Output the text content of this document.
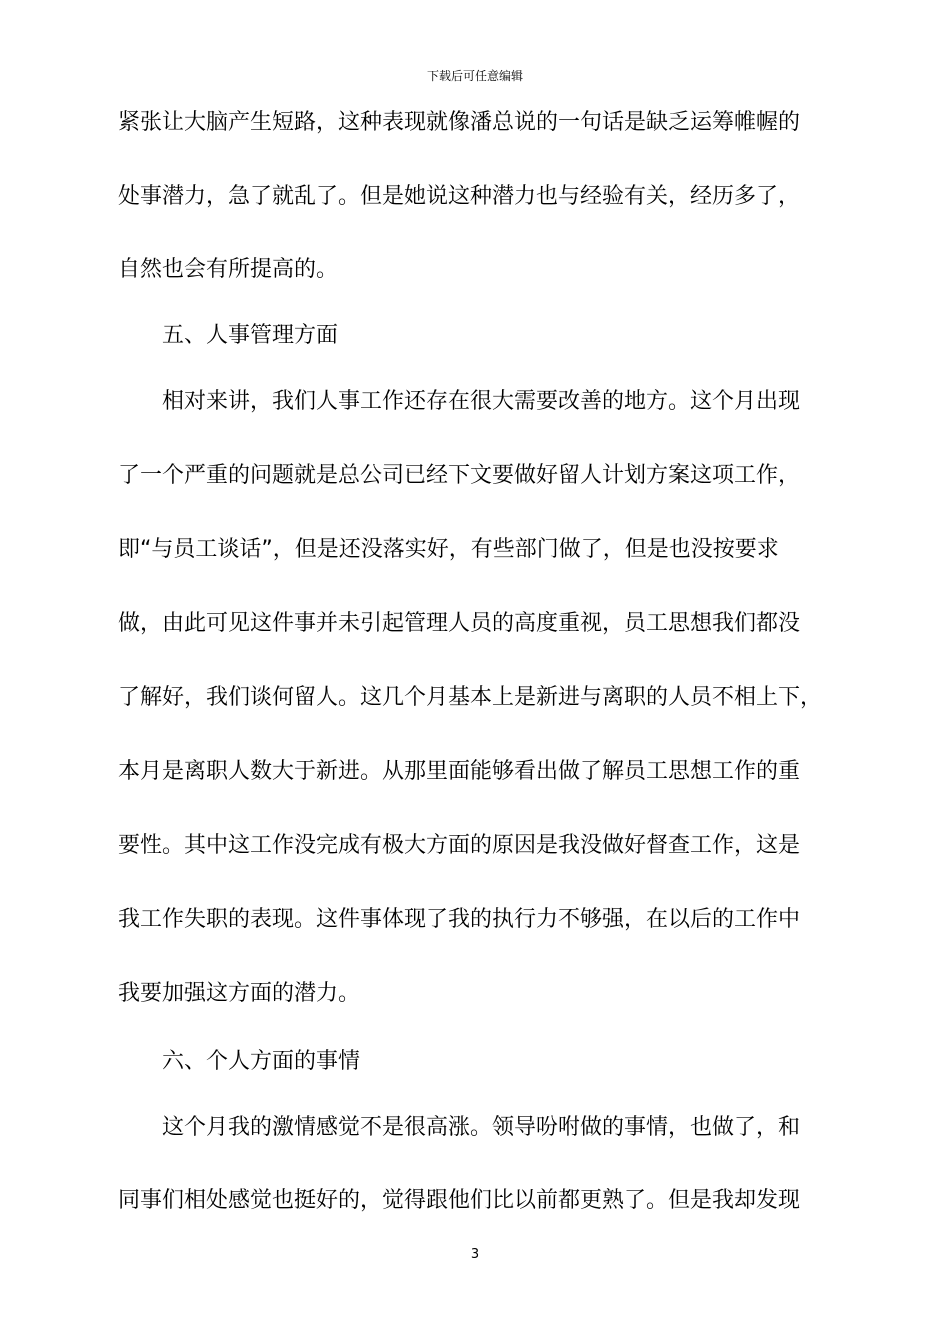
下载后可任意编辑
紧张让大脑产生短路，这种表现就像潘总说的一句话是缺乏运筹帷幄的
处事潜力，急了就乱了。但是她说这种潜力也与经验有关，经历多了，
自然也会有所提高的。
五、人事管理方面
相对来讲，我们人事工作还存在很大需要改善的地方。这个月出现
了一个严重的问题就是总公司已经下文要做好留人计划方案这项工作，
即“与员工谈话”，但是还没落实好，有些部门做了，但是也没按要求
做，由此可见这件事并未引起管理人员的高度重视，员工思想我们都没
了解好，我们谈何留人。这几个月基本上是新进与离职的人员不相上下，
本月是离职人数大于新进。从那里面能够看出做了解员工思想工作的重
要性。其中这工作没完成有极大方面的原因是我没做好督查工作，这是
我工作失职的表现。这件事体现了我的执行力不够强，在以后的工作中
我要加强这方面的潜力。
六、个人方面的事情
这个月我的激情感觉不是很高涨。领导吩咐做的事情，也做了，和
同事们相处感觉也挺好的，觉得跟他们比以前都更熟了。但是我却发现
3
